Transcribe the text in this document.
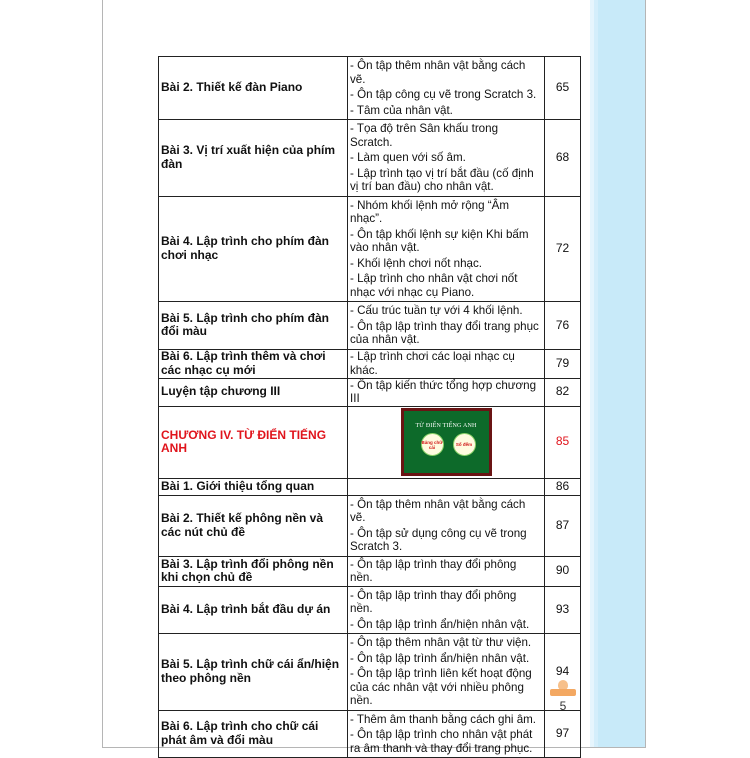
Bài 2. Thiết kế đàn Piano	- Ôn tập thêm nhân vật bằng cách vẽ.
- Ôn tập công cụ vẽ trong Scratch 3.
- Tâm của nhân vật.	65
Bài 3. Vị trí xuất hiện của phím đàn	- Tọa độ trên Sân khấu trong Scratch.
- Làm quen với số âm.
- Lập trình tạo vị trí bắt đầu (cố định vị trí ban đầu) cho nhân vật.	68
Bài 4. Lập trình cho phím đàn chơi nhạc	- Nhóm khối lệnh mở rộng “Âm nhạc”.
- Ôn tập khối lệnh sự kiện Khi bấm vào nhân vật.
- Khối lệnh chơi nốt nhạc.
- Lập trình cho nhân vật chơi nốt nhạc với nhạc cụ Piano.	72
Bài 5. Lập trình cho phím đàn đổi màu	- Cấu trúc tuần tự với 4 khối lệnh.
- Ôn tập lập trình thay đổi trang phục của nhân vật.	76
Bài 6. Lập trình thêm và chơi các nhạc cụ mới	- Lập trình chơi các loại nhạc cụ khác.	79
Luyện tập chương III	- Ôn tập kiến thức tổng hợp chương III	82
CHƯƠNG IV. TỪ ĐIỂN TIẾNG ANH	TỪ ĐIỂN TIẾNG ANH
Bảng chữ cái Số đếm	85
Bài 1. Giới thiệu tổng quan		86
Bài 2. Thiết kế phông nền và các nút chủ đề	- Ôn tập thêm nhân vật bằng cách vẽ.
- Ôn tập sử dụng công cụ vẽ trong Scratch 3.	87
Bài 3. Lập trình đổi phông nền khi chọn chủ đề	- Ôn tập lập trình thay đổi phông nền.	90
Bài 4. Lập trình bắt đầu dự án	- Ôn tập lập trình thay đổi phông nền.
- Ôn tập lập trình ẩn/hiện nhân vật.	93
Bài 5. Lập trình chữ cái ẩn/hiện theo phông nền	- Ôn tập thêm nhân vật từ thư viện.
- Ôn tập lập trình ẩn/hiện nhân vật.
- Ôn tập lập trình liên kết hoạt động của các nhân vật với nhiều phông nền.	94
Bài 6. Lập trình cho chữ cái phát âm và đổi màu	- Thêm âm thanh bằng cách ghi âm.
- Ôn tập lập trình cho nhân vật phát ra âm thanh và thay đổi trang phục.	97
5
